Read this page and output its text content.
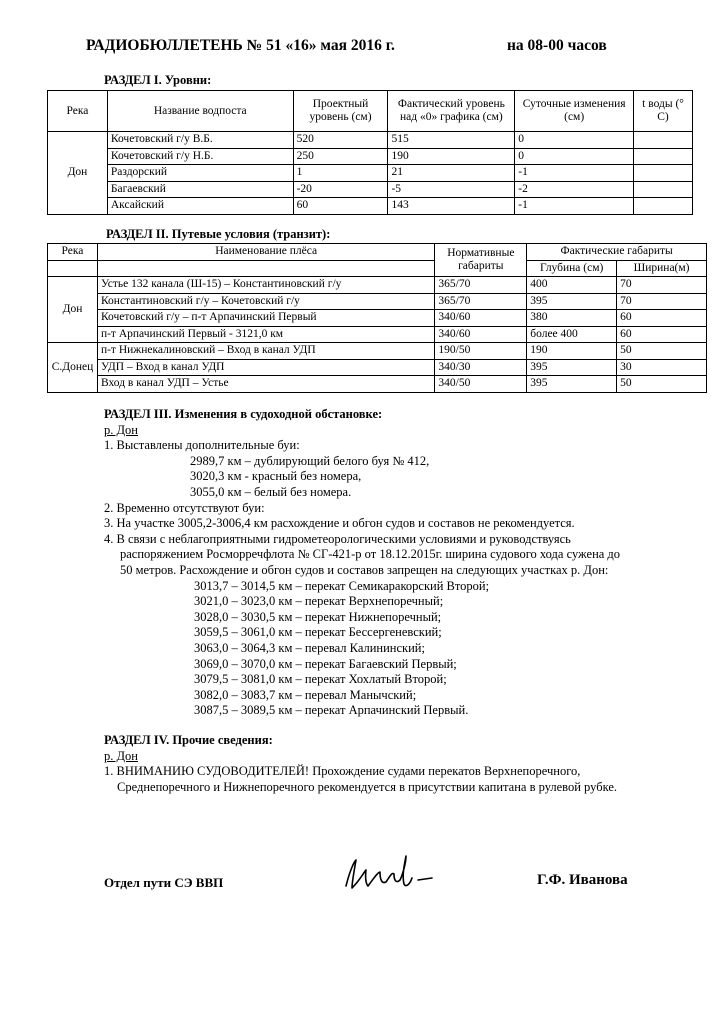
РАДИОБЮЛЛЕТЕНЬ № 51 «16» мая 2016 г.	на 08-00 часов
РАЗДЕЛ I. Уровни:
Река	Название водпоста	Проектный уровень (см)	Фактический уровень над «0» графика (см)	Суточные изменения (см)	t воды (° С)
Дон	Кочетовский г/у В.Б.	520	515	0	
	Кочетовский г/у Н.Б.	250	190	0	
	Раздорский	1	21	-1	
	Багаевский	-20	-5	-2	
	Аксайский	60	143	-1	
РАЗДЕЛ II. Путевые условия (транзит):
Река	Наименование плёса	Нормативные габариты	Фактические габариты	
			Глубина (см)	Ширина(м)
Дон	Устье 132 канала (Ш-15) – Константиновский г/у	365/70	400	70
	Константиновский г/у – Кочетовский г/у	365/70	395	70
	Кочетовский г/у – п-т Арпачинский Первый	340/60	380	60
	п-т Арпачинский Первый - 3121,0 км	340/60	более 400	60
С.Донец	п-т Нижнекалиновский – Вход в канал УДП	190/50	190	50
	УДП – Вход в канал УДП	340/30	395	30
	Вход в канал УДП – Устье	340/50	395	50
РАЗДЕЛ III. Изменения в судоходной обстановке:
р. Дон
1. Выставлены дополнительные буи:
2989,7 км – дублирующий белого буя № 412,
3020,3 км - красный без номера,
3055,0 км – белый без номера.
2. Временно отсутствуют буи:
3. На участке 3005,2-3006,4 км расхождение и обгон судов и составов не рекомендуется.
4. В связи с неблагоприятными гидрометеорологическими условиями и руководствуясь
распоряжением Росморречфлота № СГ-421-р от 18.12.2015г. ширина судового хода сужена до
50 метров. Расхождение и обгон судов и составов запрещен на следующих участках р. Дон:
3013,7 – 3014,5 км – перекат Семикаракорский Второй;
3021,0 – 3023,0 км – перекат Верхнепоречный;
3028,0 – 3030,5 км – перекат Нижнепоречный;
3059,5 – 3061,0 км – перекат Бессергеневский;
3063,0 – 3064,3 км – перевал Калининский;
3069,0 – 3070,0 км – перекат Багаевский Первый;
3079,5 – 3081,0 км – перекат Хохлатый Второй;
3082,0 – 3083,7 км – перевал Манычский;
3087,5 – 3089,5 км – перекат Арпачинский Первый.
РАЗДЕЛ IV. Прочие сведения:
р. Дон
1. ВНИМАНИЮ СУДОВОДИТЕЛЕЙ! Прохождение судами перекатов Верхнепоречного,
Среднепоречного и Нижнепоречного рекомендуется в присутствии капитана в рулевой рубке.
Отдел пути СЭ ВВП	Г.Ф. Иванова
